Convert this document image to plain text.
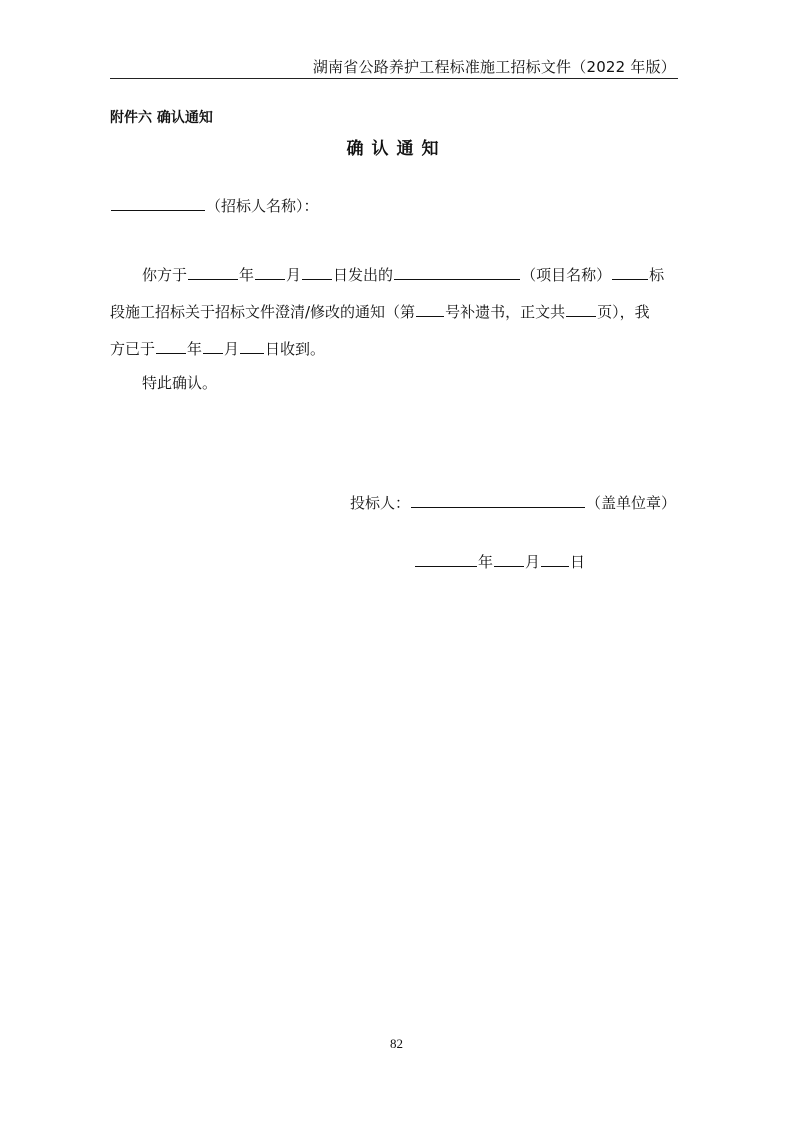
湖南省公路养护工程标准施工招标文件（2022 年版）
附件六 确认通知
确认通知
（招标人名称）：
你方于	年 月 日发出的	（项目名称）	标
段施工招标关于招标文件澄清/修改的通知（第 号补遗书，正文共 页），我
方已于 年 月 日收到。
特此确认。
投标人：	（盖单位章）
年 月 日
82
